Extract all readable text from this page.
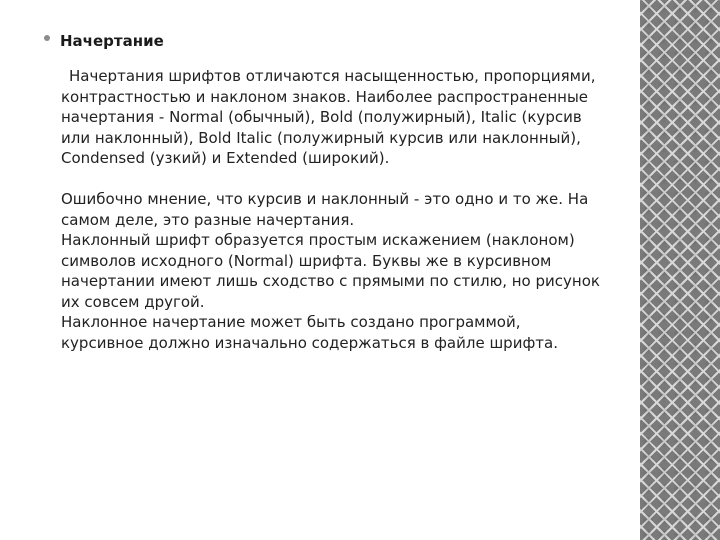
Начертание

Начертания шрифтов отличаются насыщенностью, пропорциями, контрастностью и наклоном знаков. Наиболее распространенные начертания - Normal (обычный), Bold (полужирный), Italic (курсив или наклонный), Bold Italic (полужирный курсив или наклонный), Condensed (узкий) и Extended (широкий).

Ошибочно мнение, что курсив и наклонный - это одно и то же. На самом деле, это разные начертания.

Наклонный шрифт образуется простым искажением (наклоном) символов исходного (Normal) шрифта. Буквы же в курсивном начертании имеют лишь сходство с прямыми по стилю, но рисунок их совсем другой.

Наклонное начертание может быть создано программой, курсивное должно изначально содержаться в файле шрифта.
